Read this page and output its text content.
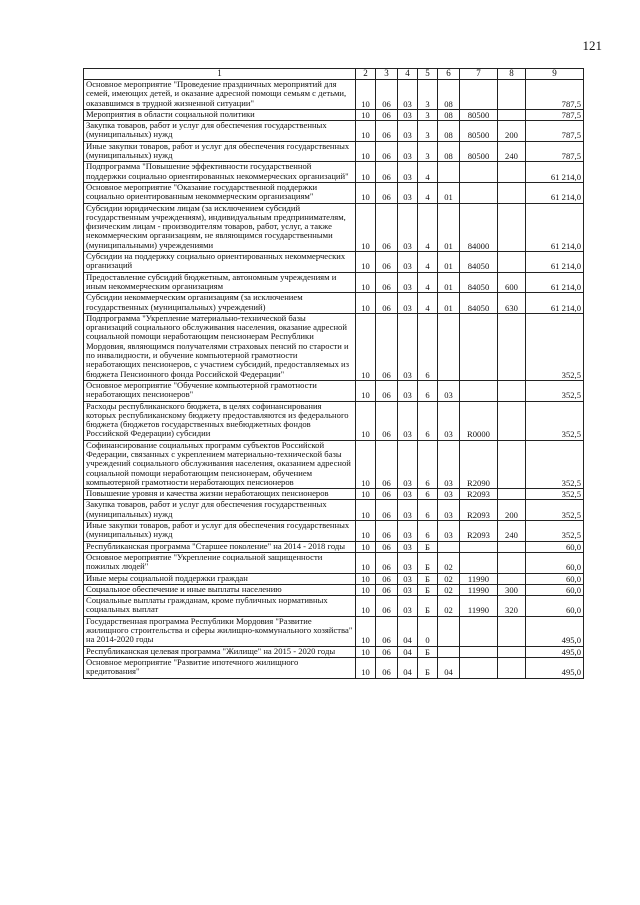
121
1	2	3	4	5	6	7	8	9
Основное мероприятие "Проведение праздничных мероприятий для семей, имеющих детей, и оказание адресной помощи семьям с детьми, оказавшимся в трудной жизненной ситуации"	10	06	03	3	08			787,5
Мероприятия в области социальной политики	10	06	03	3	08	80500		787,5
Закупка товаров, работ и услуг для обеспечения государственных (муниципальных) нужд	10	06	03	3	08	80500	200	787,5
Иные закупки товаров, работ и услуг для обеспечения государственных (муниципальных) нужд	10	06	03	3	08	80500	240	787,5
Подпрограмма "Повышение эффективности государственной поддержки социально ориентированных некоммерческих организаций"	10	06	03	4				61 214,0
Основное мероприятие "Оказание государственной поддержки социально ориентированным некоммерческим организациям"	10	06	03	4	01			61 214,0
Субсидии юридическим лицам (за исключением субсидий государственным учреждениям), индивидуальным предпринимателям, физическим лицам - производителям товаров, работ, услуг, а также некоммерческим организациям, не являющимся государственными (муниципальными) учреждениями	10	06	03	4	01	84000		61 214,0
Субсидии на поддержку социально ориентированных некоммерческих организаций	10	06	03	4	01	84050		61 214,0
Предоставление субсидий бюджетным, автономным учреждениям и иным некоммерческим организациям	10	06	03	4	01	84050	600	61 214,0
Субсидии некоммерческим организациям (за исключением государственных (муниципальных) учреждений)	10	06	03	4	01	84050	630	61 214,0
Подпрограмма "Укрепление материально-технической базы организаций социального обслуживания населения, оказание адресной социальной помощи неработающим пенсионерам Республики Мордовия, являющимся получателями страховых пенсий по старости и по инвалидности, и обучение компьютерной грамотности неработающих пенсионеров, с участием субсидий, предоставляемых из бюджета Пенсионного фонда Российской Федерации"	10	06	03	6				352,5
Основное мероприятие "Обучение компьютерной грамотности неработающих пенсионеров"	10	06	03	6	03			352,5
Расходы республиканского бюджета, в целях софинансирования которых республиканскому бюджету предоставляются из федерального бюджета (бюджетов государственных внебюджетных фондов Российской Федерации) субсидии	10	06	03	6	03	R0000		352,5
Софинансирование социальных программ субъектов Российской Федерации, связанных с укреплением материально-технической базы учреждений социального обслуживания населения, оказанием адресной социальной помощи неработающим пенсионерам, обучением компьютерной грамотности неработающих пенсионеров	10	06	03	6	03	R2090		352,5
Повышение уровня и качества жизни неработающих пенсионеров	10	06	03	6	03	R2093		352,5
Закупка товаров, работ и услуг для обеспечения государственных (муниципальных) нужд	10	06	03	6	03	R2093	200	352,5
Иные закупки товаров, работ и услуг для обеспечения государственных (муниципальных) нужд	10	06	03	6	03	R2093	240	352,5
Республиканская программа "Старшее поколение" на 2014 - 2018 годы	10	06	03	Б				60,0
Основное мероприятие "Укрепление социальной защищенности пожилых людей"	10	06	03	Б	02			60,0
Иные меры социальной поддержки граждан	10	06	03	Б	02	11990		60,0
Социальное обеспечение и иные выплаты населению	10	06	03	Б	02	11990	300	60,0
Социальные выплаты гражданам, кроме публичных нормативных социальных выплат	10	06	03	Б	02	11990	320	60,0
Государственная программа Республики Мордовия "Развитие жилищного строительства и сферы жилищно-коммунального хозяйства" на 2014-2020 годы	10	06	04	0				495,0
Республиканская целевая программа "Жилище" на 2015 - 2020 годы	10	06	04	Б				495,0
Основное мероприятие "Развитие ипотечного жилищного кредитования"	10	06	04	Б	04			495,0
